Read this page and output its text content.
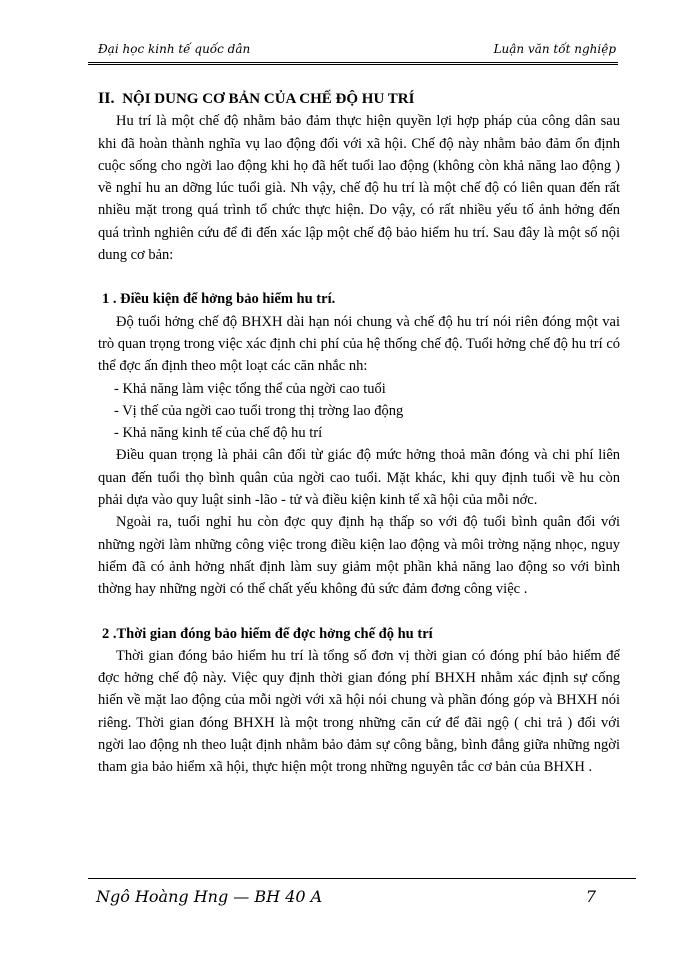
Đại học kinh tế quốc dân	Luận văn tốt nghiệp
II. NỘI DUNG CƠ BẢN CỦA CHẾ ĐỘ HU TRÍ

Hu trí là một chế độ nhằm bảo đảm thực hiện quyền lợi hợp pháp của công dân sau khi đã hoàn thành nghĩa vụ lao động đối với xã hội. Chế độ này nhằm bảo đảm ổn định cuộc sống cho ngời lao động khi họ đã hết tuổi lao động (không còn khả năng lao động ) về nghỉ hu an dỡng lúc tuổi già. Nh vậy, chế độ hu trí là một chế độ có liên quan đến rất nhiều mặt trong quá trình tổ chức thực hiện. Do vậy, có rất nhiều yếu tố ảnh hởng đến quá trình nghiên cứu để đi đến xác lập một chế độ bảo hiểm hu trí. Sau đây là một số nội dung cơ bản:

1 . Điều kiện để hởng bảo hiểm hu trí.

Độ tuổi hởng chế độ BHXH dài hạn nói chung và chế độ hu trí nói riên đóng một vai trò quan trọng trong việc xác định chi phí của hệ thống chế độ. Tuổi hởng chế độ hu trí có thể đợc ấn định theo một loạt các căn nhắc nh:

- Khả năng làm việc tổng thể của ngời cao tuổi
- Vị thế của ngời cao tuổi trong thị trờng lao động
- Khả năng kinh tế của chế độ hu trí

Điều quan trọng là phải cân đối từ giác độ mức hởng thoả mãn đóng và chi phí liên quan đến tuổi thọ bình quân của ngời cao tuổi. Mặt khác, khi quy định tuổi về hu còn phải dựa vào quy luật sinh -lão - tử và điều kiện kinh tế xã hội của mỗi nớc.

Ngoài ra, tuổi nghỉ hu còn đợc quy định hạ thấp so với độ tuổi bình quân đối với những ngời làm những công việc trong điều kiện lao động và môi trờng nặng nhọc, nguy hiểm đã có ảnh hởng nhất định làm suy giảm một phần khả năng lao động so với bình thờng hay những ngời có thể chất yếu không đủ sức đảm đơng công việc .

2 .Thời gian đóng bảo hiểm để đợc hởng chế độ hu trí

Thời gian đóng bảo hiểm hu trí là tổng số đơn vị thời gian có đóng phí bảo hiểm để đợc hởng chế độ này. Việc quy định thời gian đóng phí BHXH nhằm xác định sự cống hiến về mặt lao động của mỗi ngời với xã hội nói chung và phần đóng góp và BHXH nói riêng. Thời gian đóng BHXH là một trong những căn cứ để đãi ngộ ( chi trả ) đối với ngời lao động nh theo luật định nhằm bảo đảm sự công bằng, bình đẳng giữa những ngời tham gia bảo hiểm xã hội, thực hiện một trong những nguyên tắc cơ bản của BHXH .

Ngô Hoàng Hng — BH 40 A	7
